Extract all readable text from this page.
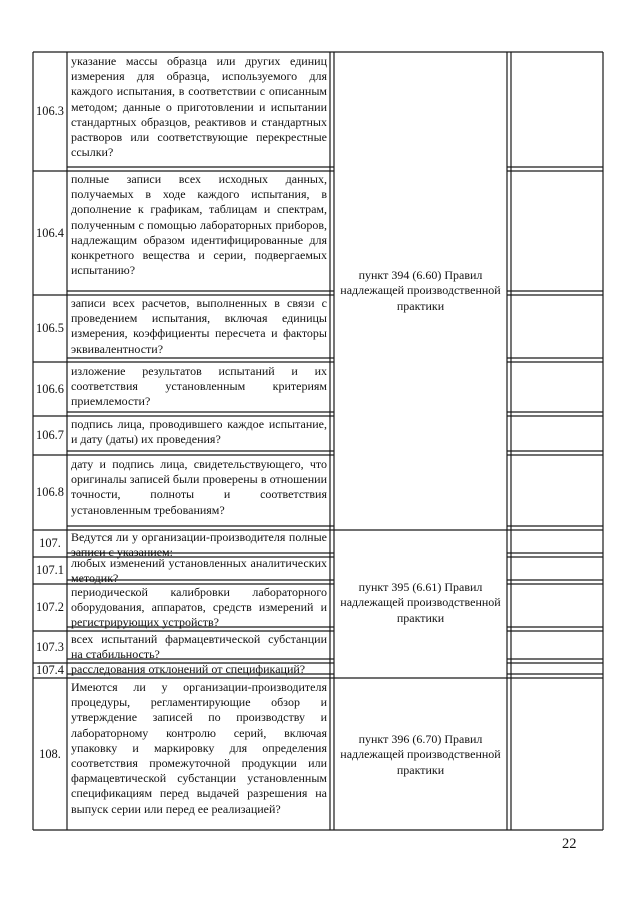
106.3
106.4
106.5
106.6
106.7
106.8
107.
107.1
107.2
107.3
107.4
108.
указание массы образца или других единиц измерения для образца, используемого для каждого испытания, в соответствии с описанным методом; данные о приготовлении и испытании стандартных образцов, реактивов и стандартных растворов или соответствующие перекрестные ссылки?
полные записи всех исходных данных, получаемых в ходе каждого испытания, в дополнение к графикам, таблицам и спектрам, полученным с помощью лабораторных приборов, надлежащим образом идентифицированные для конкретного вещества и серии, подвергаемых испытанию?
записи всех расчетов, выполненных в связи с проведением испытания, включая единицы измерения, коэффициенты пересчета и факторы эквивалентности?
изложение результатов испытаний и их соответствия установленным критериям приемлемости?
подпись лица, проводившего каждое испытание, и дату (даты) их проведения?
дату и подпись лица, свидетельствующего, что оригиналы записей были проверены в отношении точности, полноты и соответствия установленным требованиям?
Ведутся ли у организации-производителя полные записи с указанием:
любых изменений установленных аналитических методик?
периодической калибровки лабораторного оборудования, аппаратов, средств измерений и регистрирующих устройств?
всех испытаний фармацевтической субстанции на стабильность?
расследования отклонений от спецификаций?
Имеются ли у организации-производителя процедуры, регламентирующие обзор и утверждение записей по производству и лабораторному контролю серий, включая упаковку и маркировку для определения соответствия промежуточной продукции или фармацевтической субстанции установленным спецификациям перед выдачей разрешения на выпуск серии или перед ее реализацией?
пункт 394 (6.60) Правил надлежащей производственной практики
пункт 395 (6.61) Правил надлежащей производственной практики
пункт 396 (6.70) Правил надлежащей производственной практики
22
